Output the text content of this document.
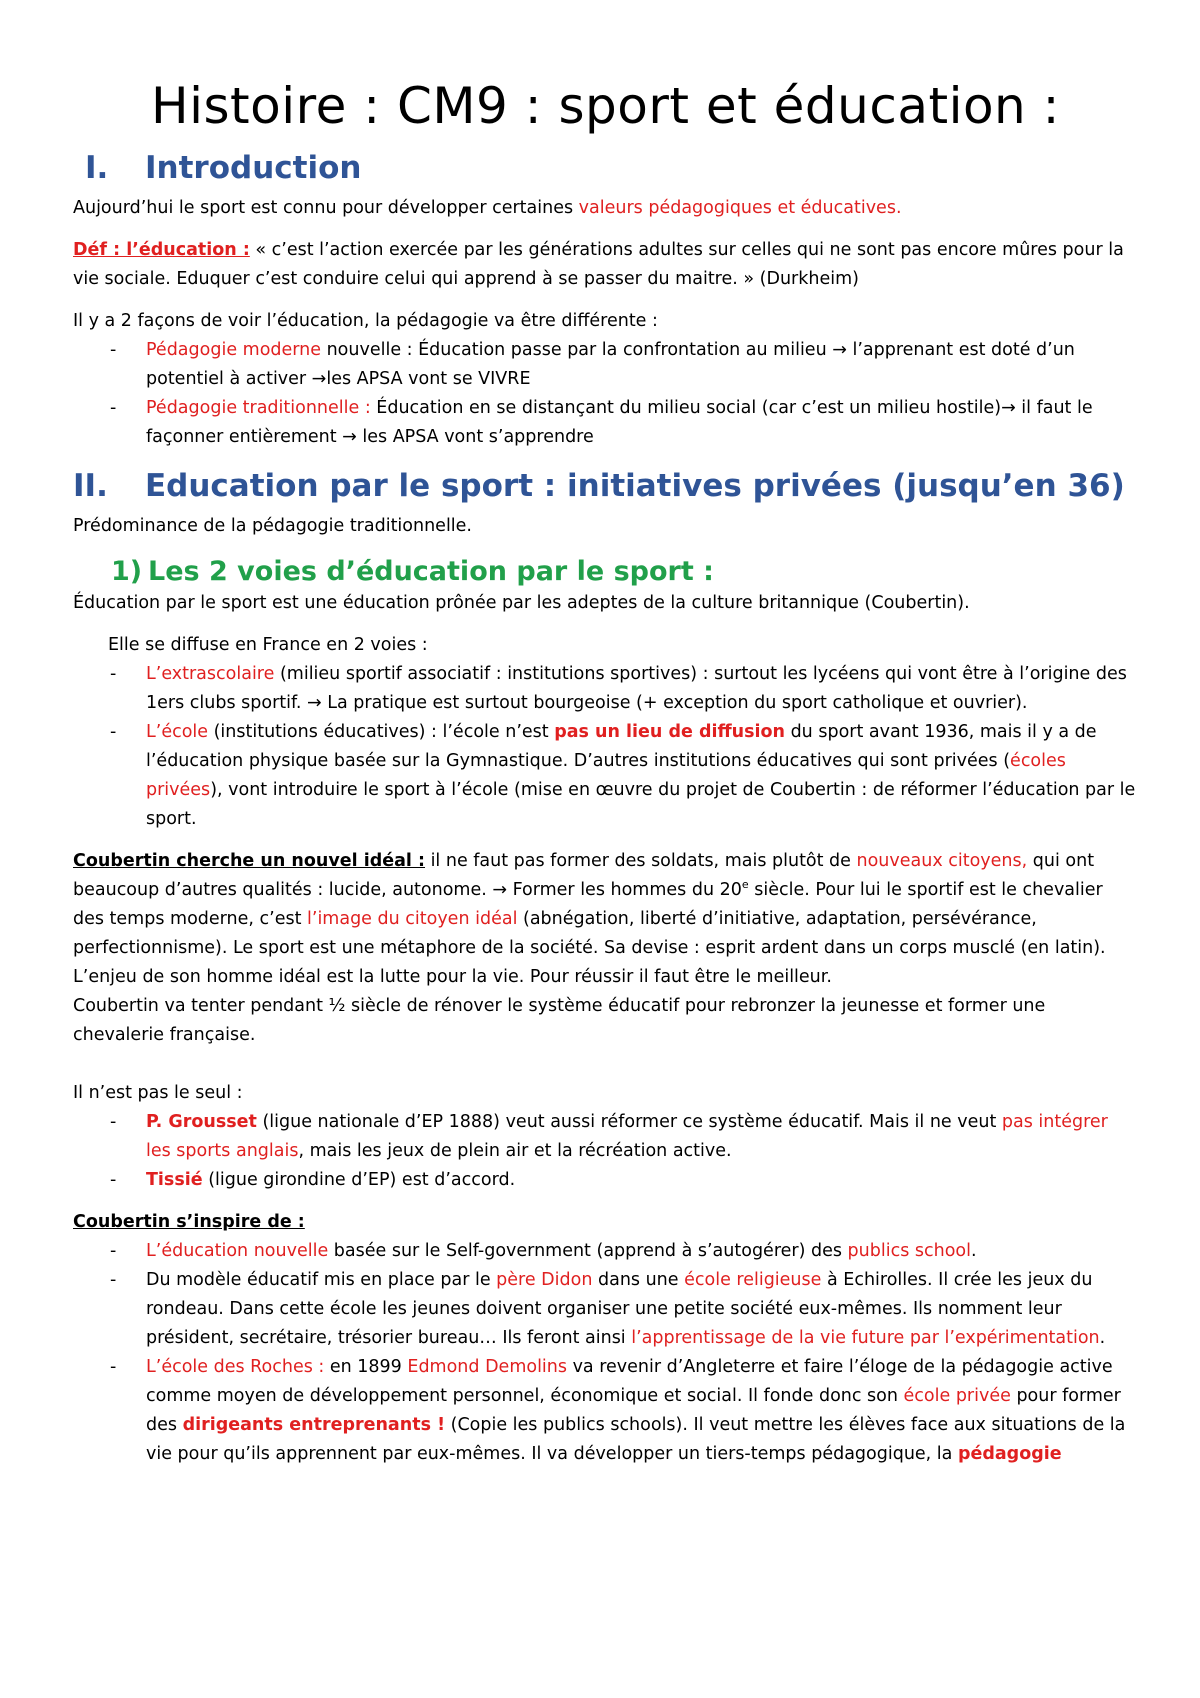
Histoire : CM9 : sport et éducation :
I. Introduction

Aujourd’hui le sport est connu pour développer certaines valeurs pédagogiques et éducatives.

Déf : l’éducation : « c’est l’action exercée par les générations adultes sur celles qui ne sont pas encore mûres pour la vie sociale. Eduquer c’est conduire celui qui apprend à se passer du maitre. » (Durkheim)

Il y a 2 façons de voir l’éducation, la pédagogie va être différente :

- Pédagogie moderne nouvelle : Éducation passe par la confrontation au milieu → l’apprenant est doté d’un potentiel à activer →les APSA vont se VIVRE
- Pédagogie traditionnelle : Éducation en se distançant du milieu social (car c’est un milieu hostile)→ il faut le façonner entièrement → les APSA vont s’apprendre
II. Education par le sport : initiatives privées (jusqu’en 36)

Prédominance de la pédagogie traditionnelle.

1) Les 2 voies d’éducation par le sport :

Éducation par le sport est une éducation prônée par les adeptes de la culture britannique (Coubertin).

Elle se diffuse en France en 2 voies :

- L’extrascolaire (milieu sportif associatif : institutions sportives) : surtout les lycéens qui vont être à l’origine des 1ers clubs sportif. → La pratique est surtout bourgeoise (+ exception du sport catholique et ouvrier).
- L’école (institutions éducatives) : l’école n’est pas un lieu de diffusion du sport avant 1936, mais il y a de l’éducation physique basée sur la Gymnastique. D’autres institutions éducatives qui sont privées (écoles privées), vont introduire le sport à l’école (mise en œuvre du projet de Coubertin : de réformer l’éducation par le sport.

Coubertin cherche un nouvel idéal : il ne faut pas former des soldats, mais plutôt de nouveaux citoyens, qui ont beaucoup d’autres qualités : lucide, autonome. → Former les hommes du 20e siècle. Pour lui le sportif est le chevalier des temps moderne, c’est l’image du citoyen idéal (abnégation, liberté d’initiative, adaptation, persévérance, perfectionnisme). Le sport est une métaphore de la société. Sa devise : esprit ardent dans un corps musclé (en latin).

L’enjeu de son homme idéal est la lutte pour la vie. Pour réussir il faut être le meilleur.

Coubertin va tenter pendant ½ siècle de rénover le système éducatif pour rebronzer la jeunesse et former une chevalerie française.

Il n’est pas le seul :

- P. Grousset (ligue nationale d’EP 1888) veut aussi réformer ce système éducatif. Mais il ne veut pas intégrer les sports anglais, mais les jeux de plein air et la récréation active.
- Tissié (ligue girondine d’EP) est d’accord.

Coubertin s’inspire de :

- L’éducation nouvelle basée sur le Self-government (apprend à s’autogérer) des publics school.
- Du modèle éducatif mis en place par le père Didon dans une école religieuse à Echirolles. Il crée les jeux du rondeau. Dans cette école les jeunes doivent organiser une petite société eux-mêmes. Ils nomment leur président, secrétaire, trésorier bureau… Ils feront ainsi l’apprentissage de la vie future par l’expérimentation.
- L’école des Roches : en 1899 Edmond Demolins va revenir d’Angleterre et faire l’éloge de la pédagogie active comme moyen de développement personnel, économique et social. Il fonde donc son école privée pour former des dirigeants entreprenants ! (Copie les publics schools). Il veut mettre les élèves face aux situations de la vie pour qu’ils apprennent par eux-mêmes. Il va développer un tiers-temps pédagogique, la pédagogie
